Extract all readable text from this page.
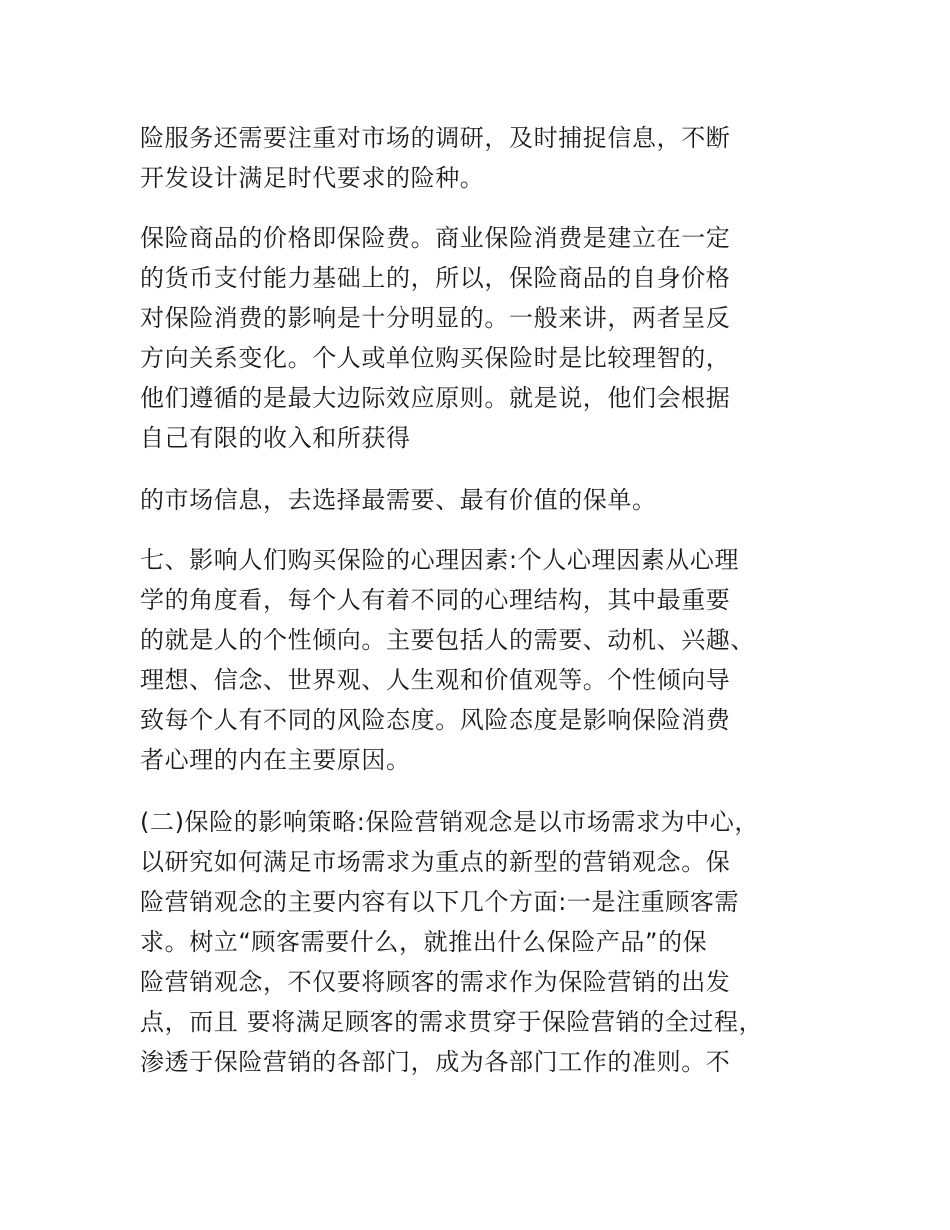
险服务还需要注重对市场的调研，及时捕捉信息，不断
开发设计满足时代要求的险种。

保险商品的价格即保险费。商业保险消费是建立在一定
的货币支付能力基础上的，所以，保险商品的自身价格
对保险消费的影响是十分明显的。一般来讲，两者呈反
方向关系变化。个人或单位购买保险时是比较理智的，
他们遵循的是最大边际效应原则。就是说，他们会根据
自己有限的收入和所获得

的市场信息，去选择最需要、最有价值的保单。

七、影响人们购买保险的心理因素:个人心理因素从心理
学的角度看，每个人有着不同的心理结构，其中最重要
的就是人的个性倾向。主要包括人的需要、动机、兴趣、
理想、信念、世界观、人生观和价值观等。个性倾向导
致每个人有不同的风险态度。风险态度是影响保险消费
者心理的内在主要原因。

(二)保险的影响策略:保险营销观念是以市场需求为中心，
以研究如何满足市场需求为重点的新型的营销观念。保
险营销观念的主要内容有以下几个方面:一是注重顾客需
求。树立“顾客需要什么，就推出什么保险产品”的保
险营销观念，不仅要将顾客的需求作为保险营销的出发
点，而且 要将满足顾客的需求贯穿于保险营销的全过程，
渗透于保险营销的各部门，成为各部门工作的准则。不
